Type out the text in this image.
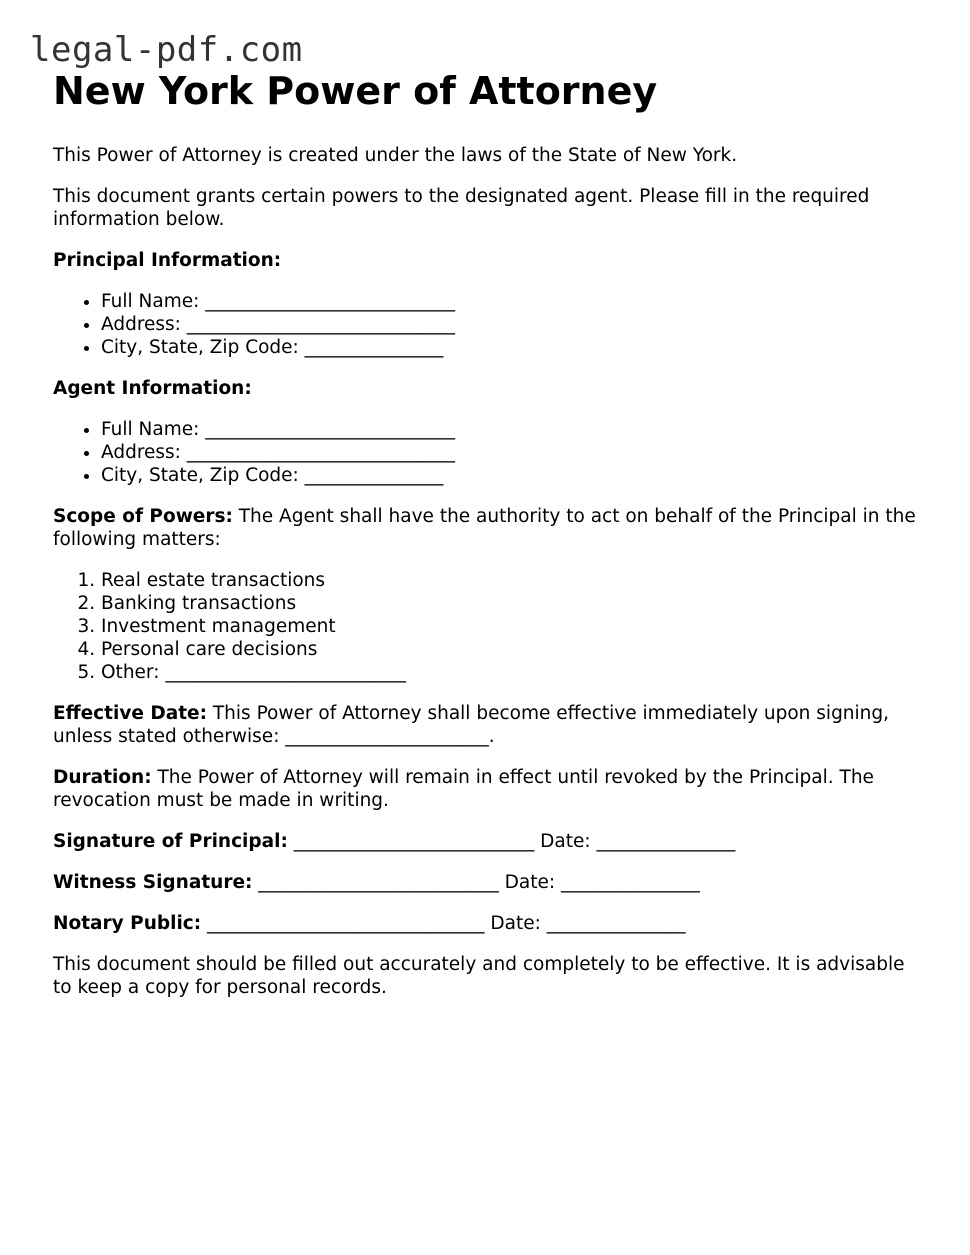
legal-pdf.com
New York Power of Attorney

This Power of Attorney is created under the laws of the State of New York.

This document grants certain powers to the designated agent. Please fill in the required information below.

Principal Information:

• Full Name: ___________________________
• Address: _____________________________
• City, State, Zip Code: _______________

Agent Information:

• Full Name: ___________________________
• Address: _____________________________
• City, State, Zip Code: _______________

Scope of Powers: The Agent shall have the authority to act on behalf of the Principal in the following matters:

1. Real estate transactions
2. Banking transactions
3. Investment management
4. Personal care decisions
5. Other: __________________________

Effective Date: This Power of Attorney shall become effective immediately upon signing, unless stated otherwise: ______________________.

Duration: The Power of Attorney will remain in effect until revoked by the Principal. The revocation must be made in writing.

Signature of Principal: __________________________ Date: _______________

Witness Signature: __________________________ Date: _______________

Notary Public: ______________________________ Date: _______________

This document should be filled out accurately and completely to be effective. It is advisable to keep a copy for personal records.
